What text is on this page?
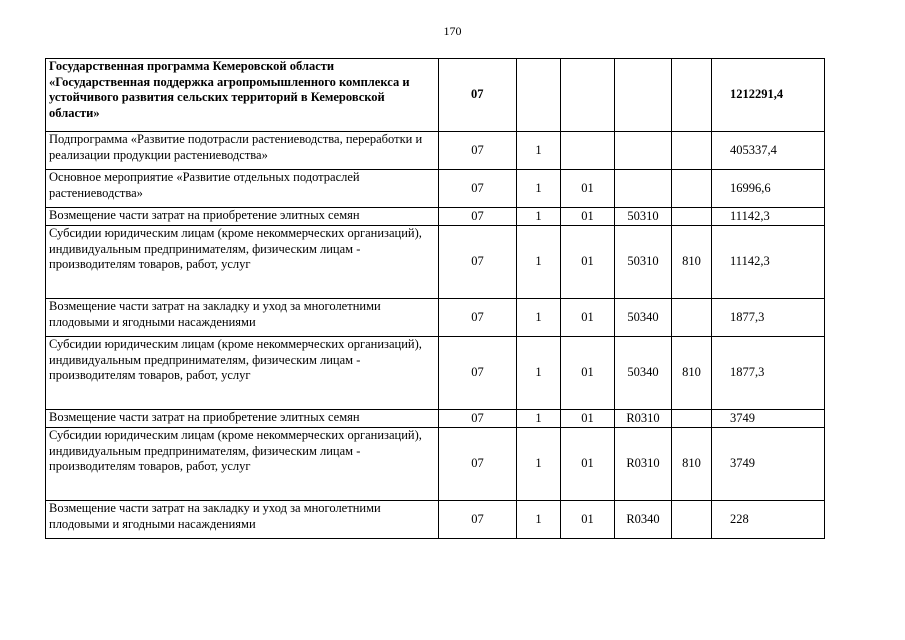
170
Государственная программа Кемеровской области «Государственная поддержка агропромышленного комплекса и устойчивого развития сельских территорий в Кемеровской области»	07					1212291,4
Подпрограмма «Развитие подотрасли растениеводства, переработки и реализации продукции растениеводства»	07	1				405337,4
Основное мероприятие «Развитие отдельных подотраслей растениеводства»	07	1	01			16996,6
Возмещение части затрат на приобретение элитных семян	07	1	01	50310		11142,3
Субсидии юридическим лицам (кроме некоммерческих организаций), индивидуальным предпринимателям, физическим лицам - производителям товаров, работ, услуг	07	1	01	50310	810	11142,3
Возмещение части затрат на закладку и уход за многолетними плодовыми и ягодными насаждениями	07	1	01	50340		1877,3
Субсидии юридическим лицам (кроме некоммерческих организаций), индивидуальным предпринимателям, физическим лицам - производителям товаров, работ, услуг	07	1	01	50340	810	1877,3
Возмещение части затрат на приобретение элитных семян	07	1	01	R0310		3749
Субсидии юридическим лицам (кроме некоммерческих организаций), индивидуальным предпринимателям, физическим лицам - производителям товаров, работ, услуг	07	1	01	R0310	810	3749
Возмещение части затрат на закладку и уход за многолетними плодовыми и ягодными насаждениями	07	1	01	R0340		228
